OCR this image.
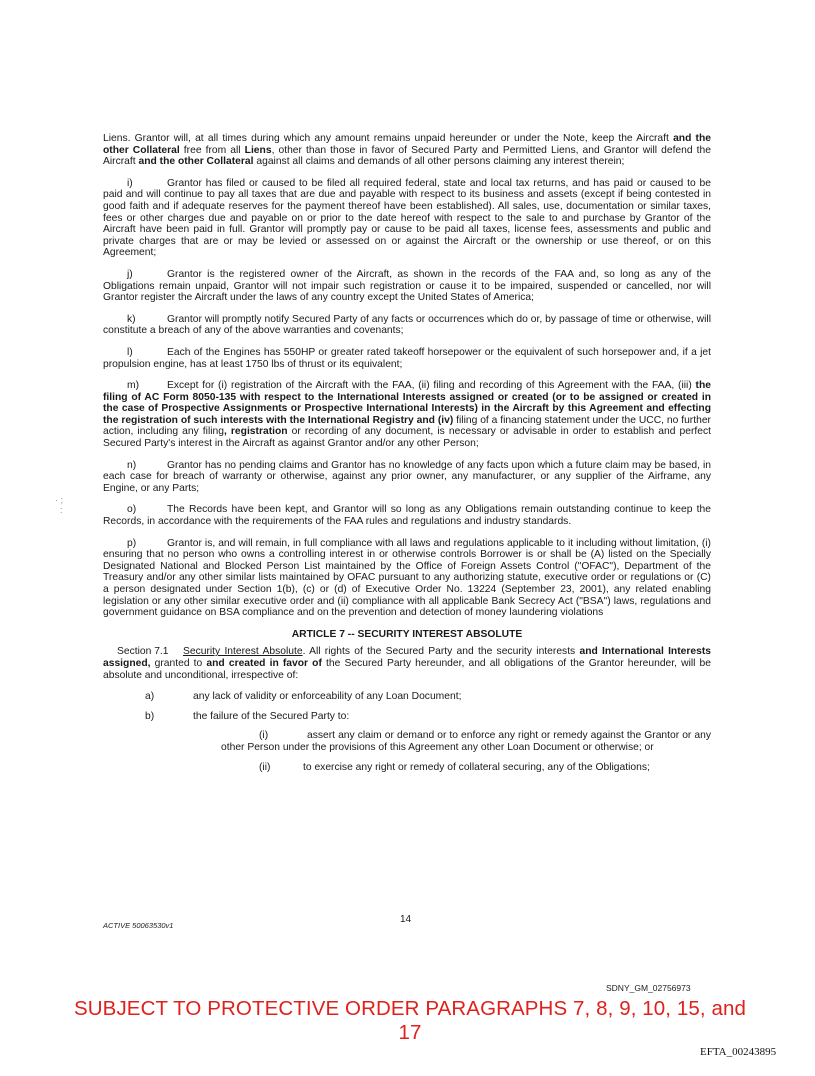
· ;
:

Liens. Grantor will, at all times during which any amount remains unpaid hereunder or under the Note, keep the Aircraft and the other Collateral free from all Liens, other than those in favor of Secured Party and Permitted Liens, and Grantor will defend the Aircraft and the other Collateral against all claims and demands of all other persons claiming any interest therein;

i)	Grantor has filed or caused to be filed all required federal, state and local tax returns, and has paid or caused to be paid and will continue to pay all taxes that are due and payable with respect to its business and assets (except if being contested in good faith and if adequate reserves for the payment thereof have been established). All sales, use, documentation or similar taxes, fees or other charges due and payable on or prior to the date hereof with respect to the sale to and purchase by Grantor of the Aircraft have been paid in full. Grantor will promptly pay or cause to be paid all taxes, license fees, assessments and public and private charges that are or may be levied or assessed on or against the Aircraft or the ownership or use thereof, or on this Agreement;

j)	Grantor is the registered owner of the Aircraft, as shown in the records of the FAA and, so long as any of the Obligations remain unpaid, Grantor will not impair such registration or cause it to be impaired, suspended or cancelled, nor will Grantor register the Aircraft under the laws of any country except the United States of America;

k)	Grantor will promptly notify Secured Party of any facts or occurrences which do or, by passage of time or otherwise, will constitute a breach of any of the above warranties and covenants;

l)	Each of the Engines has 550HP or greater rated takeoff horsepower or the equivalent of such horsepower and, if a jet propulsion engine, has at least 1750 lbs of thrust or its equivalent;

m)	Except for (i) registration of the Aircraft with the FAA, (ii) filing and recording of this Agreement with the FAA, (iii) the filing of AC Form 8050-135 with respect to the International Interests assigned or created (or to be assigned or created in the case of Prospective Assignments or Prospective International Interests) in the Aircraft by this Agreement and effecting the registration of such interests with the International Registry and (iv) filing of a financing statement under the UCC, no further action, including any filing, registration or recording of any document, is necessary or advisable in order to establish and perfect Secured Party's interest in the Aircraft as against Grantor and/or any other Person;

n)	Grantor has no pending claims and Grantor has no knowledge of any facts upon which a future claim may be based, in each case for breach of warranty or otherwise, against any prior owner, any manufacturer, or any supplier of the Airframe, any Engine, or any Parts;

o)	The Records have been kept, and Grantor will so long as any Obligations remain outstanding continue to keep the Records, in accordance with the requirements of the FAA rules and regulations and industry standards.

p)	Grantor is, and will remain, in full compliance with all laws and regulations applicable to it including without limitation, (i) ensuring that no person who owns a controlling interest in or otherwise controls Borrower is or shall be (A) listed on the Specially Designated National and Blocked Person List maintained by the Office of Foreign Assets Control ("OFAC"), Department of the Treasury and/or any other similar lists maintained by OFAC pursuant to any authorizing statute, executive order or regulations or (C) a person designated under Section 1(b), (c) or (d) of Executive Order No. 13224 (September 23, 2001), any related enabling legislation or any other similar executive order and (ii) compliance with all applicable Bank Secrecy Act ("BSA") laws, regulations and government guidance on BSA compliance and on the prevention and detection of money laundering violations

ARTICLE 7 -- SECURITY INTEREST ABSOLUTE

Section 7.1 Security Interest Absolute. All rights of the Secured Party and the security interests and International Interests assigned, granted to and created in favor of the Secured Party hereunder, and all obligations of the Grantor hereunder, will be absolute and unconditional, irrespective of:

a)	any lack of validity or enforceability of any Loan Document;
b)	the failure of the Secured Party to:

(i)	assert any claim or demand or to enforce any right or remedy against the Grantor or any other Person under the provisions of this Agreement any other Loan Document or otherwise; or

(ii)	to exercise any right or remedy of collateral securing, any of the Obligations;

14
ACTIVE 50063530v1
SDNY_GM_02756973
SUBJECT TO PROTECTIVE ORDER PARAGRAPHS 7, 8, 9, 10, 15, and 17
EFTA_00243895
